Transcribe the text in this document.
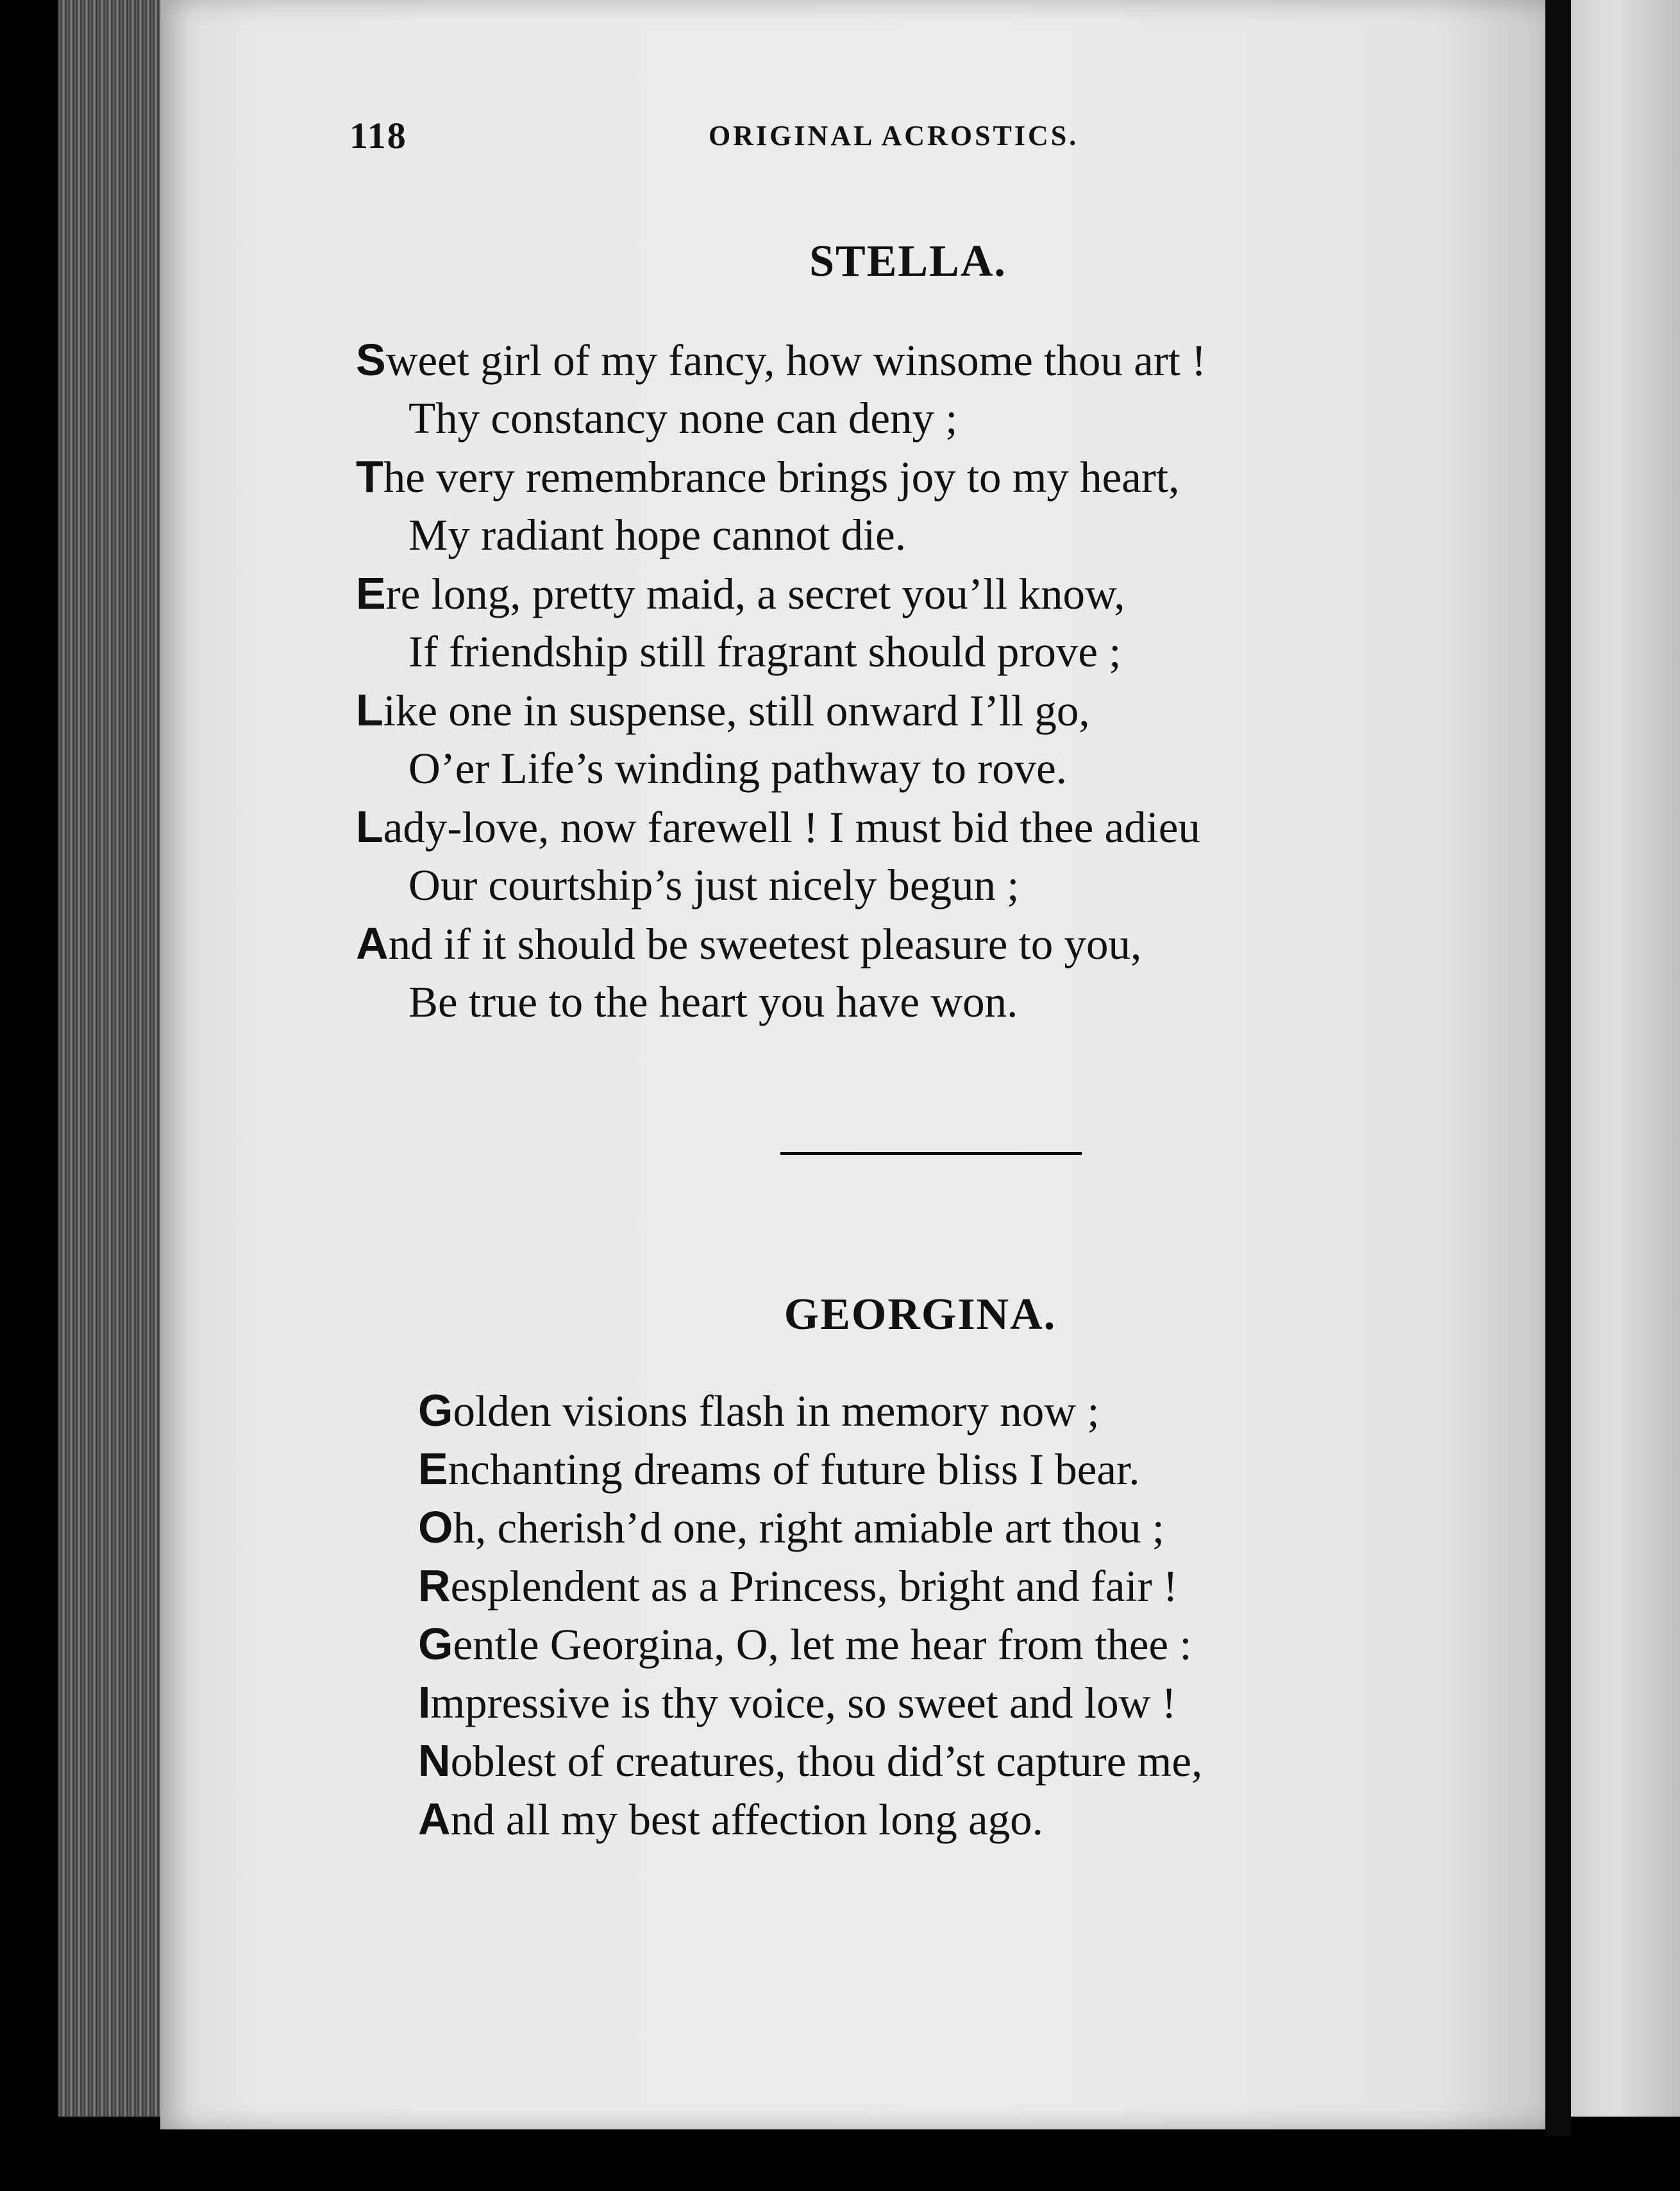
118	ORIGINAL ACROSTICS.
STELLA.
Sweet girl of my fancy, how winsome thou art !
Thy constancy none can deny ;
The very remembrance brings joy to my heart,
My radiant hope cannot die.
Ere long, pretty maid, a secret you’ll know,
If friendship still fragrant should prove ;
Like one in suspense, still onward I’ll go,
O’er Life’s winding pathway to rove.
Lady-love, now farewell ! I must bid thee adieu
Our courtship’s just nicely begun ;
And if it should be sweetest pleasure to you,
Be true to the heart you have won.
GEORGINA.
Golden visions flash in memory now ;
Enchanting dreams of future bliss I bear.
Oh, cherish’d one, right amiable art thou ;
Resplendent as a Princess, bright and fair !
Gentle Georgina, O, let me hear from thee :
Impressive is thy voice, so sweet and low !
Noblest of creatures, thou did’st capture me,
And all my best affection long ago.
